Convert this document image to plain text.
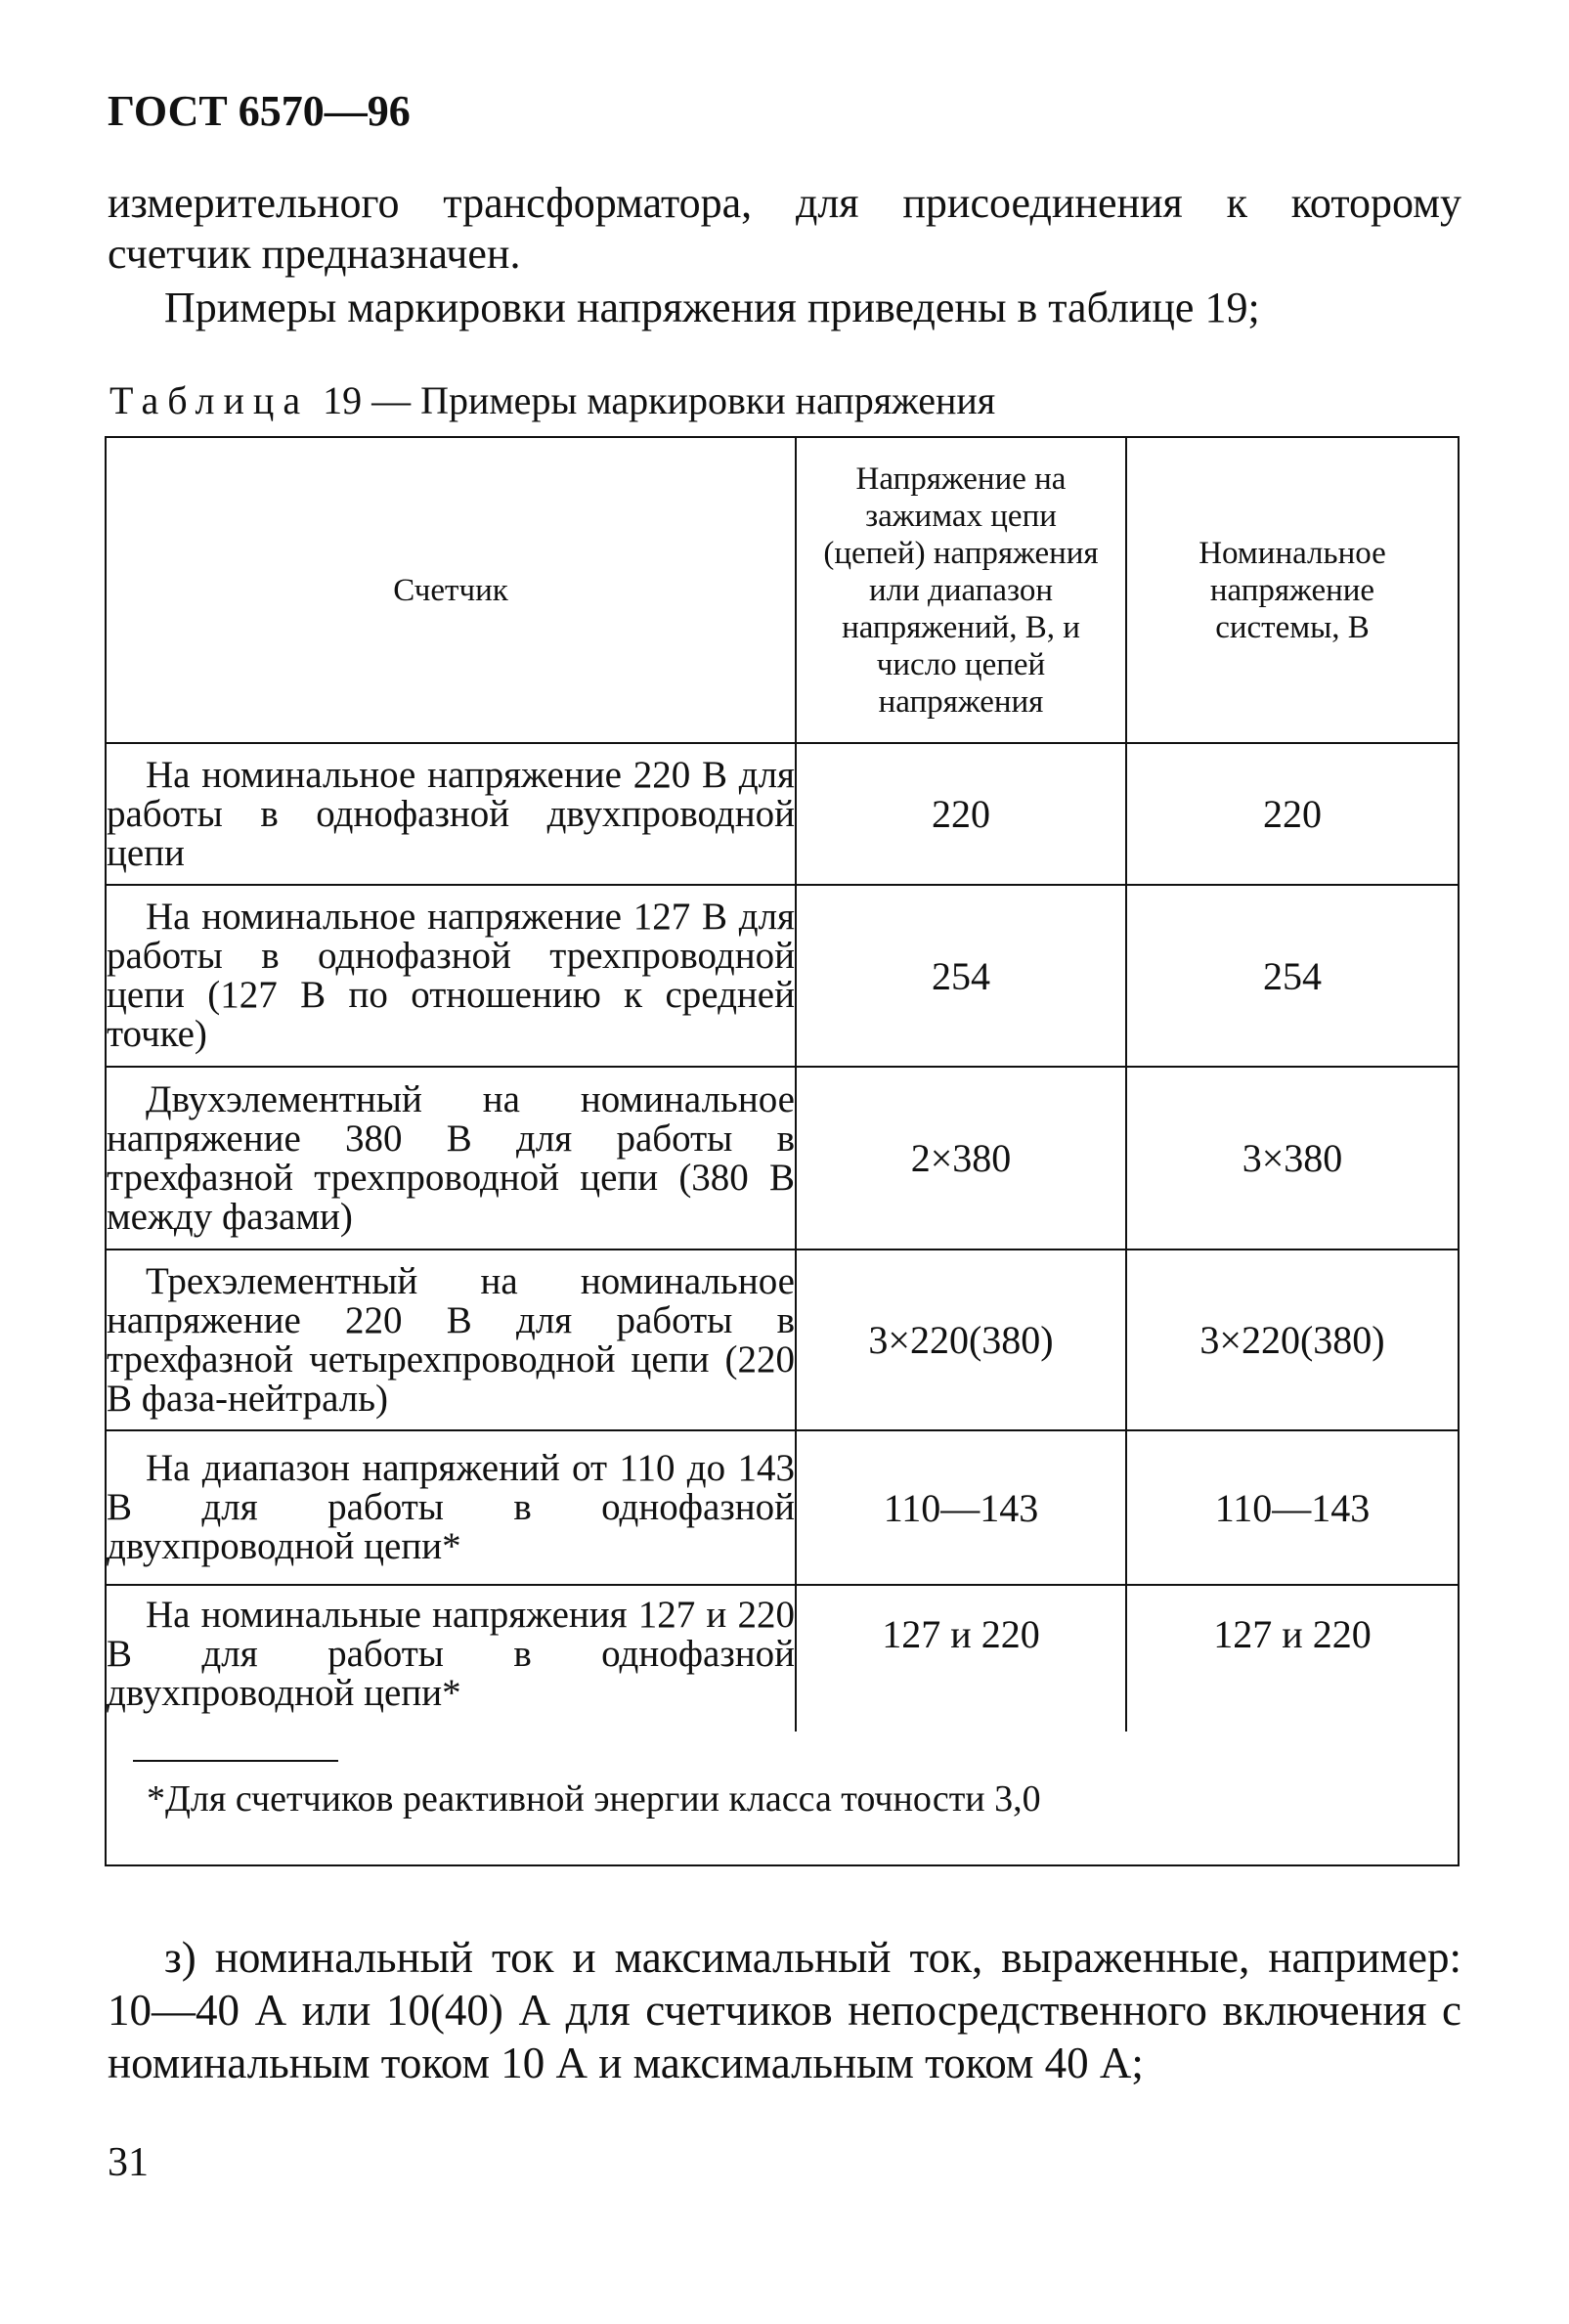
ГОСТ 6570—96
измерительного трансформатора, для присоединения к которому
счетчик предназначен.
Примеры маркировки напряжения приведены в таблице 19;
Таблица 19 — Примеры маркировки напряжения
Счетчик	Напряжение на зажимах цепи (цепей) напряжения или диапазон напряжений, В, и число цепей напряжения	Номинальное напряжение системы, В
На номинальное напряжение 220 В для работы в однофазной двухпроводной цепи	220	220
На номинальное напряжение 127 В для работы в однофазной трехпроводной цепи (127 В по отношению к средней точке)	254	254
Двухэлементный на номинальное напряжение 380 В для работы в трехфазной трехпроводной цепи (380 В между фазами)	2×380	3×380
Трехэлементный на номинальное напряжение 220 В для работы в трехфазной четырехпроводной цепи (220 В фаза-нейтраль)	3×220(380)	3×220(380)
На диапазон напряжений от 110 до 143 В для работы в однофазной двухпроводной цепи*	110—143	110—143
На номинальные напряжения 127 и 220 В для работы в однофазной двухпроводной цепи*	127 и 220	127 и 220
*Для счетчиков реактивной энергии класса точности 3,0
з) номинальный ток и максимальный ток, выраженные, например: 10—40 А или 10(40) А для счетчиков непосредственного включения с номинальным током 10 А и максимальным током 40 А;
31
